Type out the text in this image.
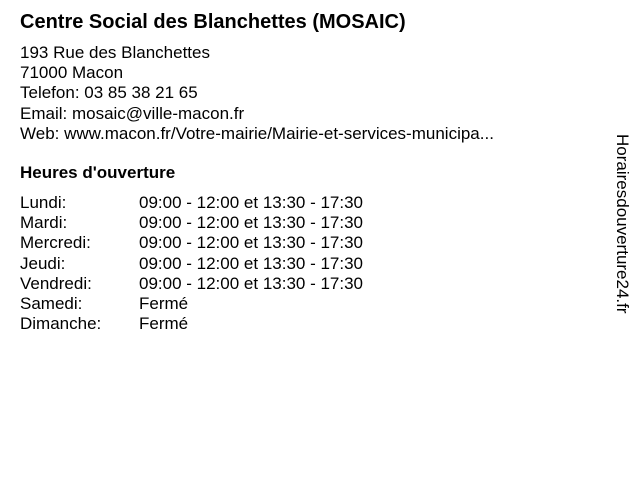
Centre Social des Blanchettes (MOSAIC)
193 Rue des Blanchettes
71000 Macon
Telefon: 03 85 38 21 65
Email: mosaic@ville-macon.fr
Web: www.macon.fr/Votre-mairie/Mairie-et-services-municipa...
Heures d'ouverture
Lundi:	09:00 - 12:00 et 13:30 - 17:30
Mardi:	09:00 - 12:00 et 13:30 - 17:30
Mercredi:	09:00 - 12:00 et 13:30 - 17:30
Jeudi:	09:00 - 12:00 et 13:30 - 17:30
Vendredi:	09:00 - 12:00 et 13:30 - 17:30
Samedi:	Fermé
Dimanche:	Fermé
Horairesdouverture24.fr
